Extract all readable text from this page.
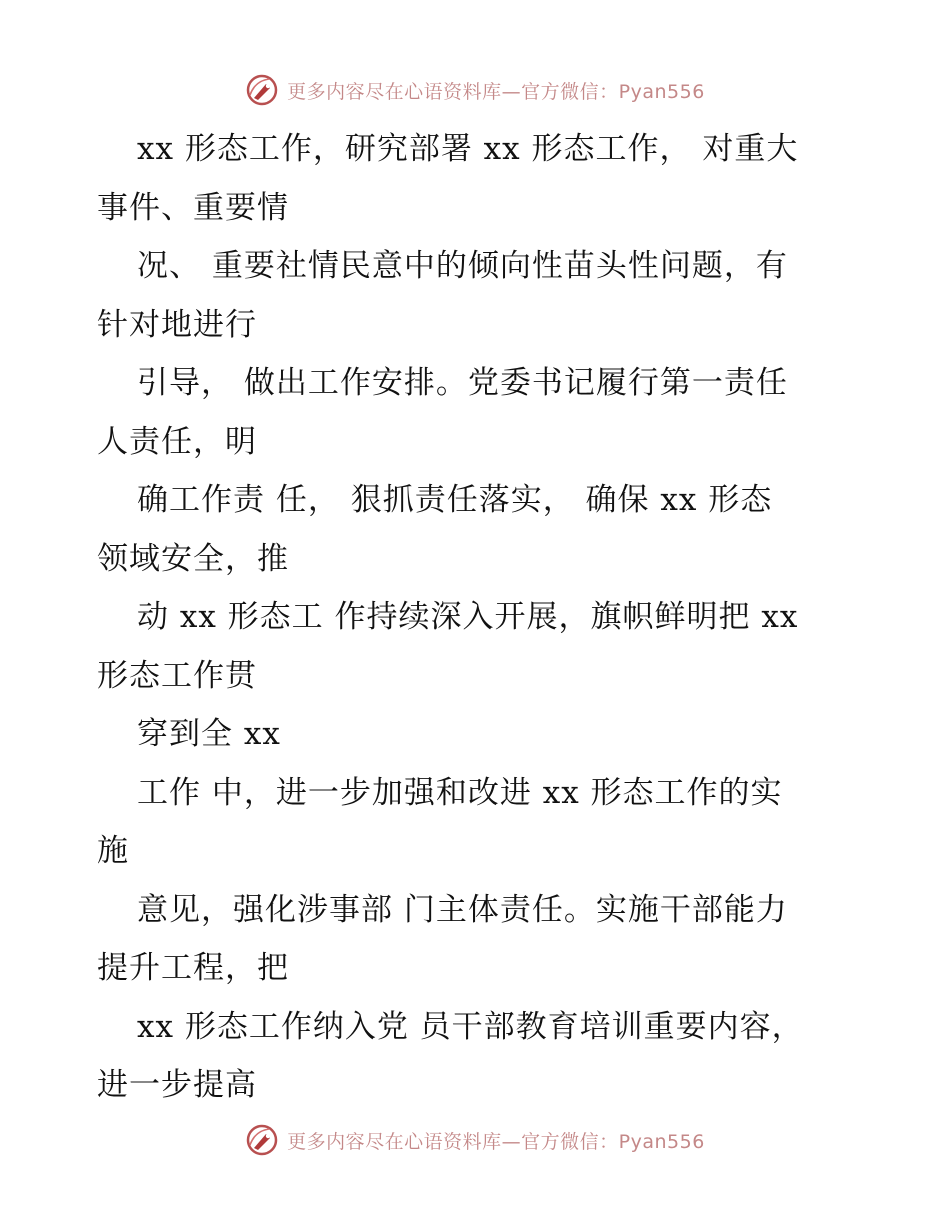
更多内容尽在心语资料库—官方微信：Pyan556
xx 形态工作，研究部署 xx 形态工作， 对重大
事件、重要情
况、 重要社情民意中的倾向性苗头性问题，有
针对地进行
引导， 做出工作安排。党委书记履行第一责任
人责任，明
确工作责 任， 狠抓责任落实， 确保 xx 形态
领域安全，推
动 xx 形态工 作持续深入开展，旗帜鲜明把 xx
形态工作贯
穿到全 xx
工作 中，进一步加强和改进 xx 形态工作的实
施
意见，强化涉事部 门主体责任。实施干部能力
提升工程，把
xx 形态工作纳入党 员干部教育培训重要内容，
进一步提高
更多内容尽在心语资料库—官方微信：Pyan556
